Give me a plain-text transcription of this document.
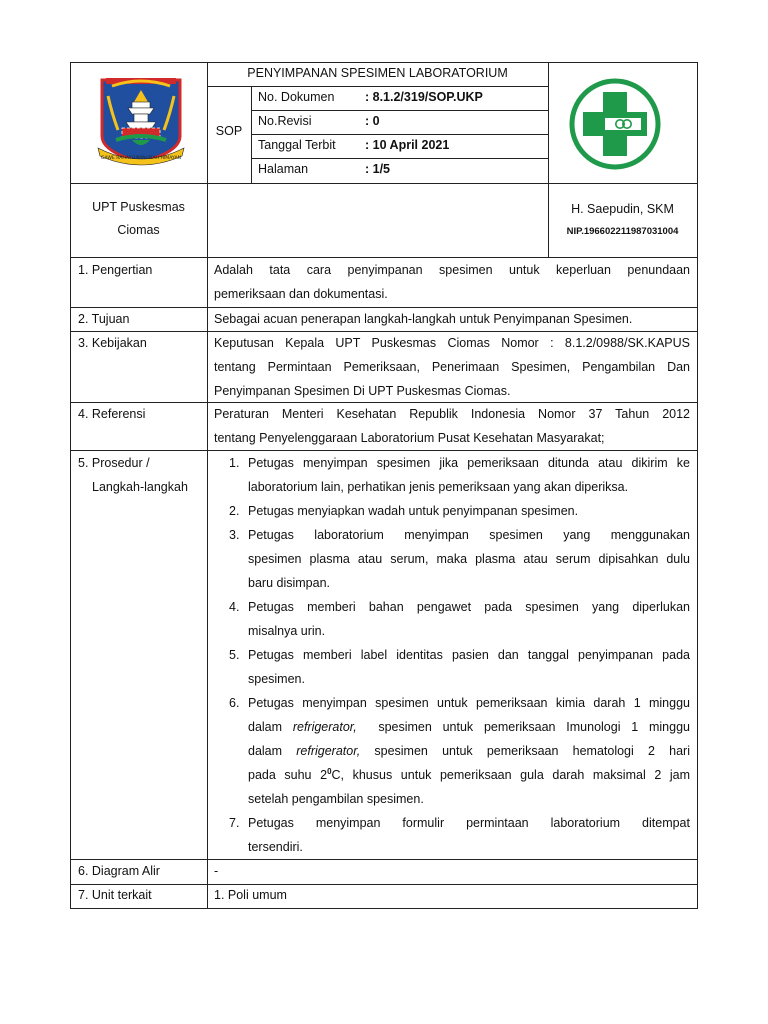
GAWE RAHAYU NYAI SIAH HIMAYAN
PENYIMPANAN SPESIMEN LABORATORIUM
SOP
No. Dokumen : 8.1.2/319/SOP.UKP
No.Revisi	: 0
Tanggal Terbit : 10 April 2021
Halaman	: 1/5
UPT Puskesmas
Ciomas
H. Saepudin, SKM
NIP.196602211987031004
1. Pengertian	Adalah tata cara penyimpanan spesimen untuk keperluan penundaan

pemeriksaan dan dokumentasi.

2. Tujuan	Sebagai acuan penerapan langkah-langkah untuk Penyimpanan Spesimen.
3. Kebijakan	Keputusan Kepala UPT Puskesmas Ciomas Nomor : 8.1.2/0988/SK.KAPUS

tentang Permintaan Pemeriksaan, Penerimaan Spesimen, Pengambilan Dan

Penyimpanan Spesimen Di UPT Puskesmas Ciomas.

4. Referensi	Peraturan Menteri Kesehatan Republik Indonesia Nomor 37 Tahun 2012

tentang Penyelenggaraan Laboratorium Pusat Kesehatan Masyarakat;

5. Prosedur /
Langkah-langkah
1. Petugas menyimpan spesimen jika pemeriksaan ditunda atau dikirim ke
laboratorium lain, perhatikan jenis pemeriksaan yang akan diperiksa.
2. Petugas menyiapkan wadah untuk penyimpanan spesimen.
3. Petugas laboratorium menyimpan spesimen yang menggunakan
spesimen plasma atau serum, maka plasma atau serum dipisahkan dulu
baru disimpan.
4. Petugas memberi bahan pengawet pada spesimen yang diperlukan
misalnya urin.
5. Petugas memberi label identitas pasien dan tanggal penyimpanan pada
spesimen.
6. Petugas menyimpan spesimen untuk pemeriksaan kimia darah 1 minggu
dalam refrigerator, spesimen untuk pemeriksaan Imunologi 1 minggu
dalam refrigerator, spesimen untuk pemeriksaan hematologi 2 hari
pada suhu $2^0C$, khusus untuk pemeriksaan gula darah maksimal 2 jam
setelah pengambilan spesimen.
7. Petugas menyimpan formulir permintaan laboratorium ditempat
tersendiri.
6. Diagram Alir	-
7. Unit terkait	1. Poli umum
